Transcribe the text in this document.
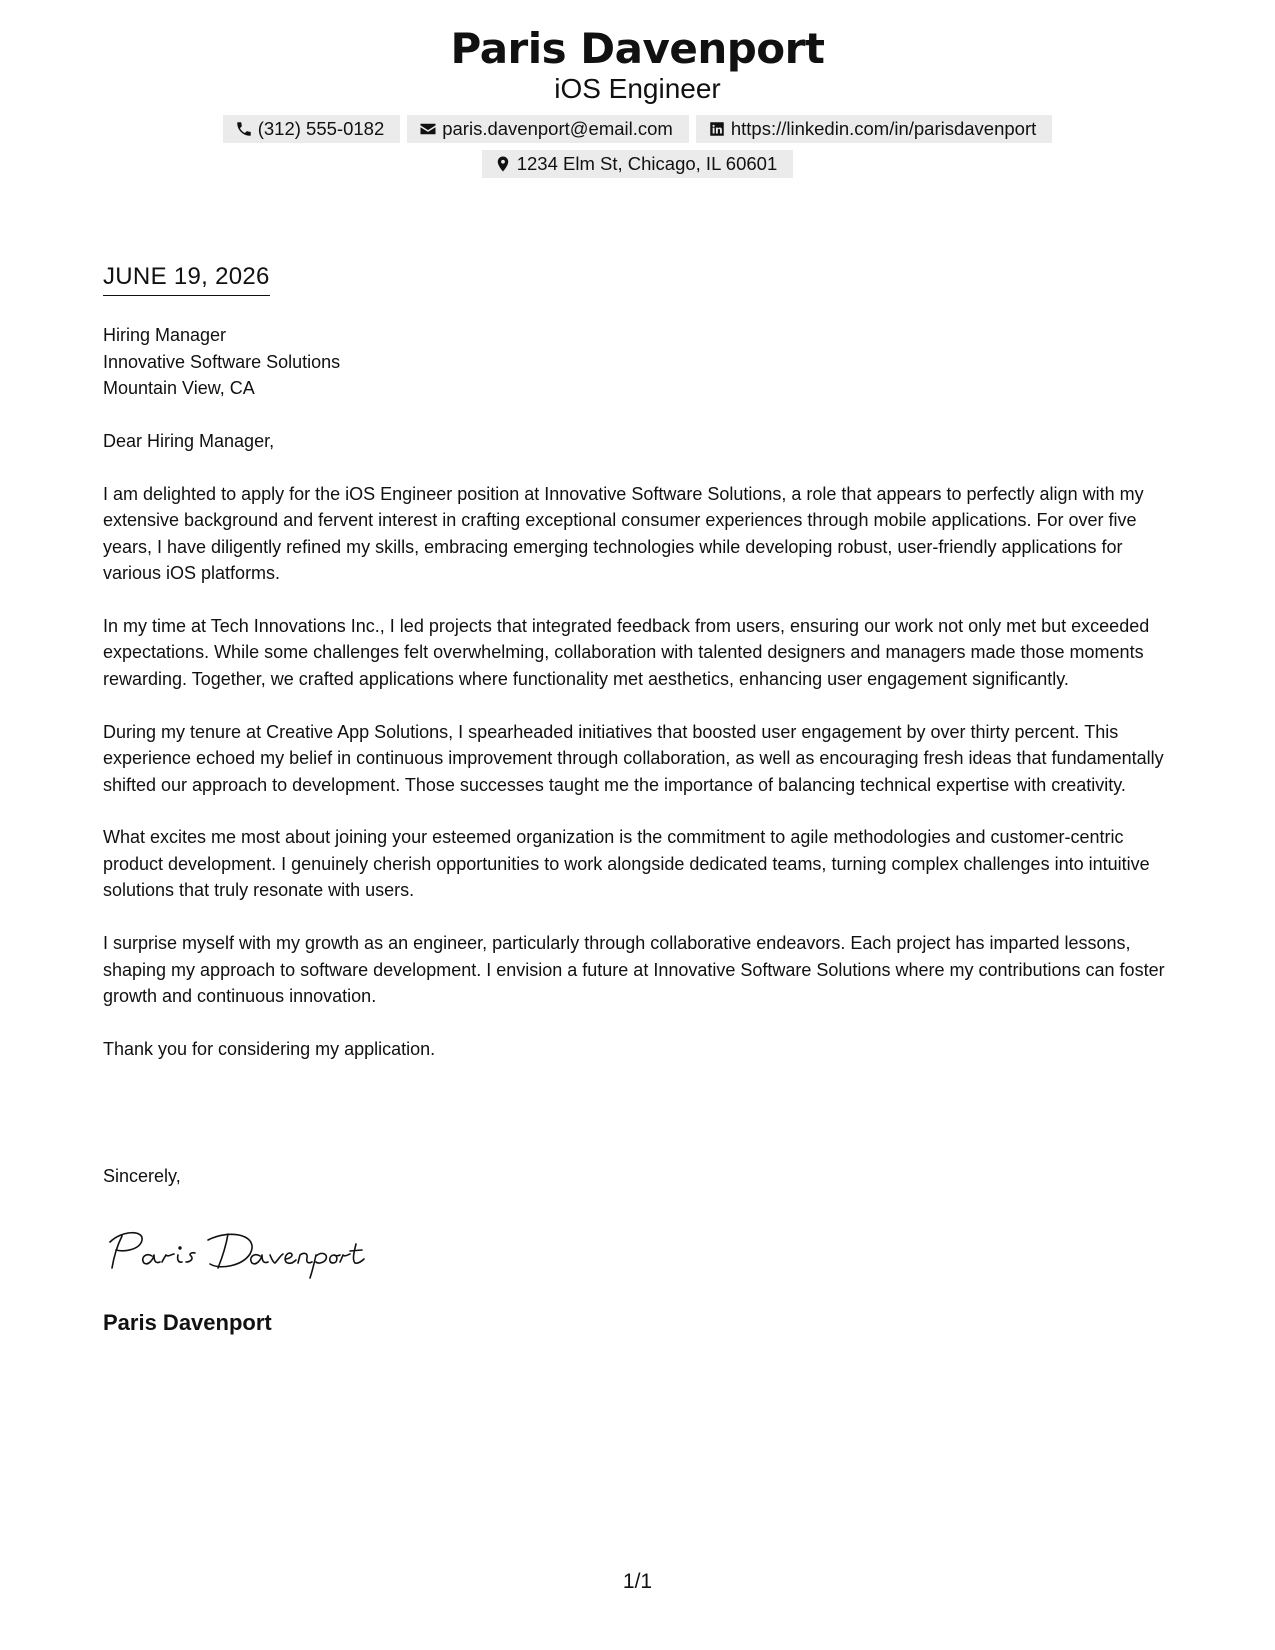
Paris Davenport
iOS Engineer
(312) 555-0182	paris.davenport@email.com	https://linkedin.com/in/parisdavenport
1234 Elm St, Chicago, IL 60601
JUNE 19, 2026
Hiring Manager
Innovative Software Solutions
Mountain View, CA

Dear Hiring Manager,

I am delighted to apply for the iOS Engineer position at Innovative Software Solutions, a role that appears to perfectly align with my extensive background and fervent interest in crafting exceptional consumer experiences through mobile applications. For over five years, I have diligently refined my skills, embracing emerging technologies while developing robust, user-friendly applications for various iOS platforms.

In my time at Tech Innovations Inc., I led projects that integrated feedback from users, ensuring our work not only met but exceeded expectations. While some challenges felt overwhelming, collaboration with talented designers and managers made those moments rewarding. Together, we crafted applications where functionality met aesthetics, enhancing user engagement significantly.

During my tenure at Creative App Solutions, I spearheaded initiatives that boosted user engagement by over thirty percent. This experience echoed my belief in continuous improvement through collaboration, as well as encouraging fresh ideas that fundamentally shifted our approach to development. Those successes taught me the importance of balancing technical expertise with creativity.

What excites me most about joining your esteemed organization is the commitment to agile methodologies and customer-centric product development. I genuinely cherish opportunities to work alongside dedicated teams, turning complex challenges into intuitive solutions that truly resonate with users.

I surprise myself with my growth as an engineer, particularly through collaborative endeavors. Each project has imparted lessons, shaping my approach to software development. I envision a future at Innovative Software Solutions where my contributions can foster growth and continuous innovation.

Thank you for considering my application.

Sincerely,
Paris Davenport
1/1
